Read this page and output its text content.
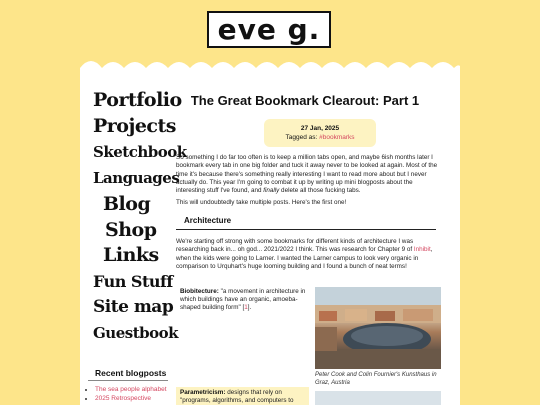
eve g.
Portfolio
Projects
Sketchbook
Languages
Blog
Shop
Links
Fun Stuff
Site map
Guestbook
Recent blogposts
• The sea people alphabet
• 2025 Retrospective
The Great Bookmark Clearout: Part 1
27 Jan, 2025
Tagged as: #bookmarks

So something I do far too often is to keep a million tabs open, and maybe 6ish months later I bookmark every tab in one big folder and tuck it away never to be looked at again. Most of the time it's because there's something really interesting I want to read more about but I never actually do. This year I'm going to combat it up by writing up mini blogposts about the interesting stuff I've found, and finally delete all those fucking tabs.

This will undoubtedly take multiple posts. Here's the first one!

Architecture

We're starting off strong with some bookmarks for different kinds of architecture I was researching back in... oh god... 2021/2022 I think. This was research for Chapter 9 of Inhibit, when the kids were going to Larner. I wanted the Larner campus to look very organic in comparison to Urquhart's huge looming building and I found a bunch of neat terms!

Biobitecture: "a movement in architecture in which buildings have an organic, amoeba-shaped building form" [1].

Peter Cook and Colin Fournier's Kunsthaus in Graz, Austria

Parametricism: designs that rely on "programs, algorithms, and computers to
